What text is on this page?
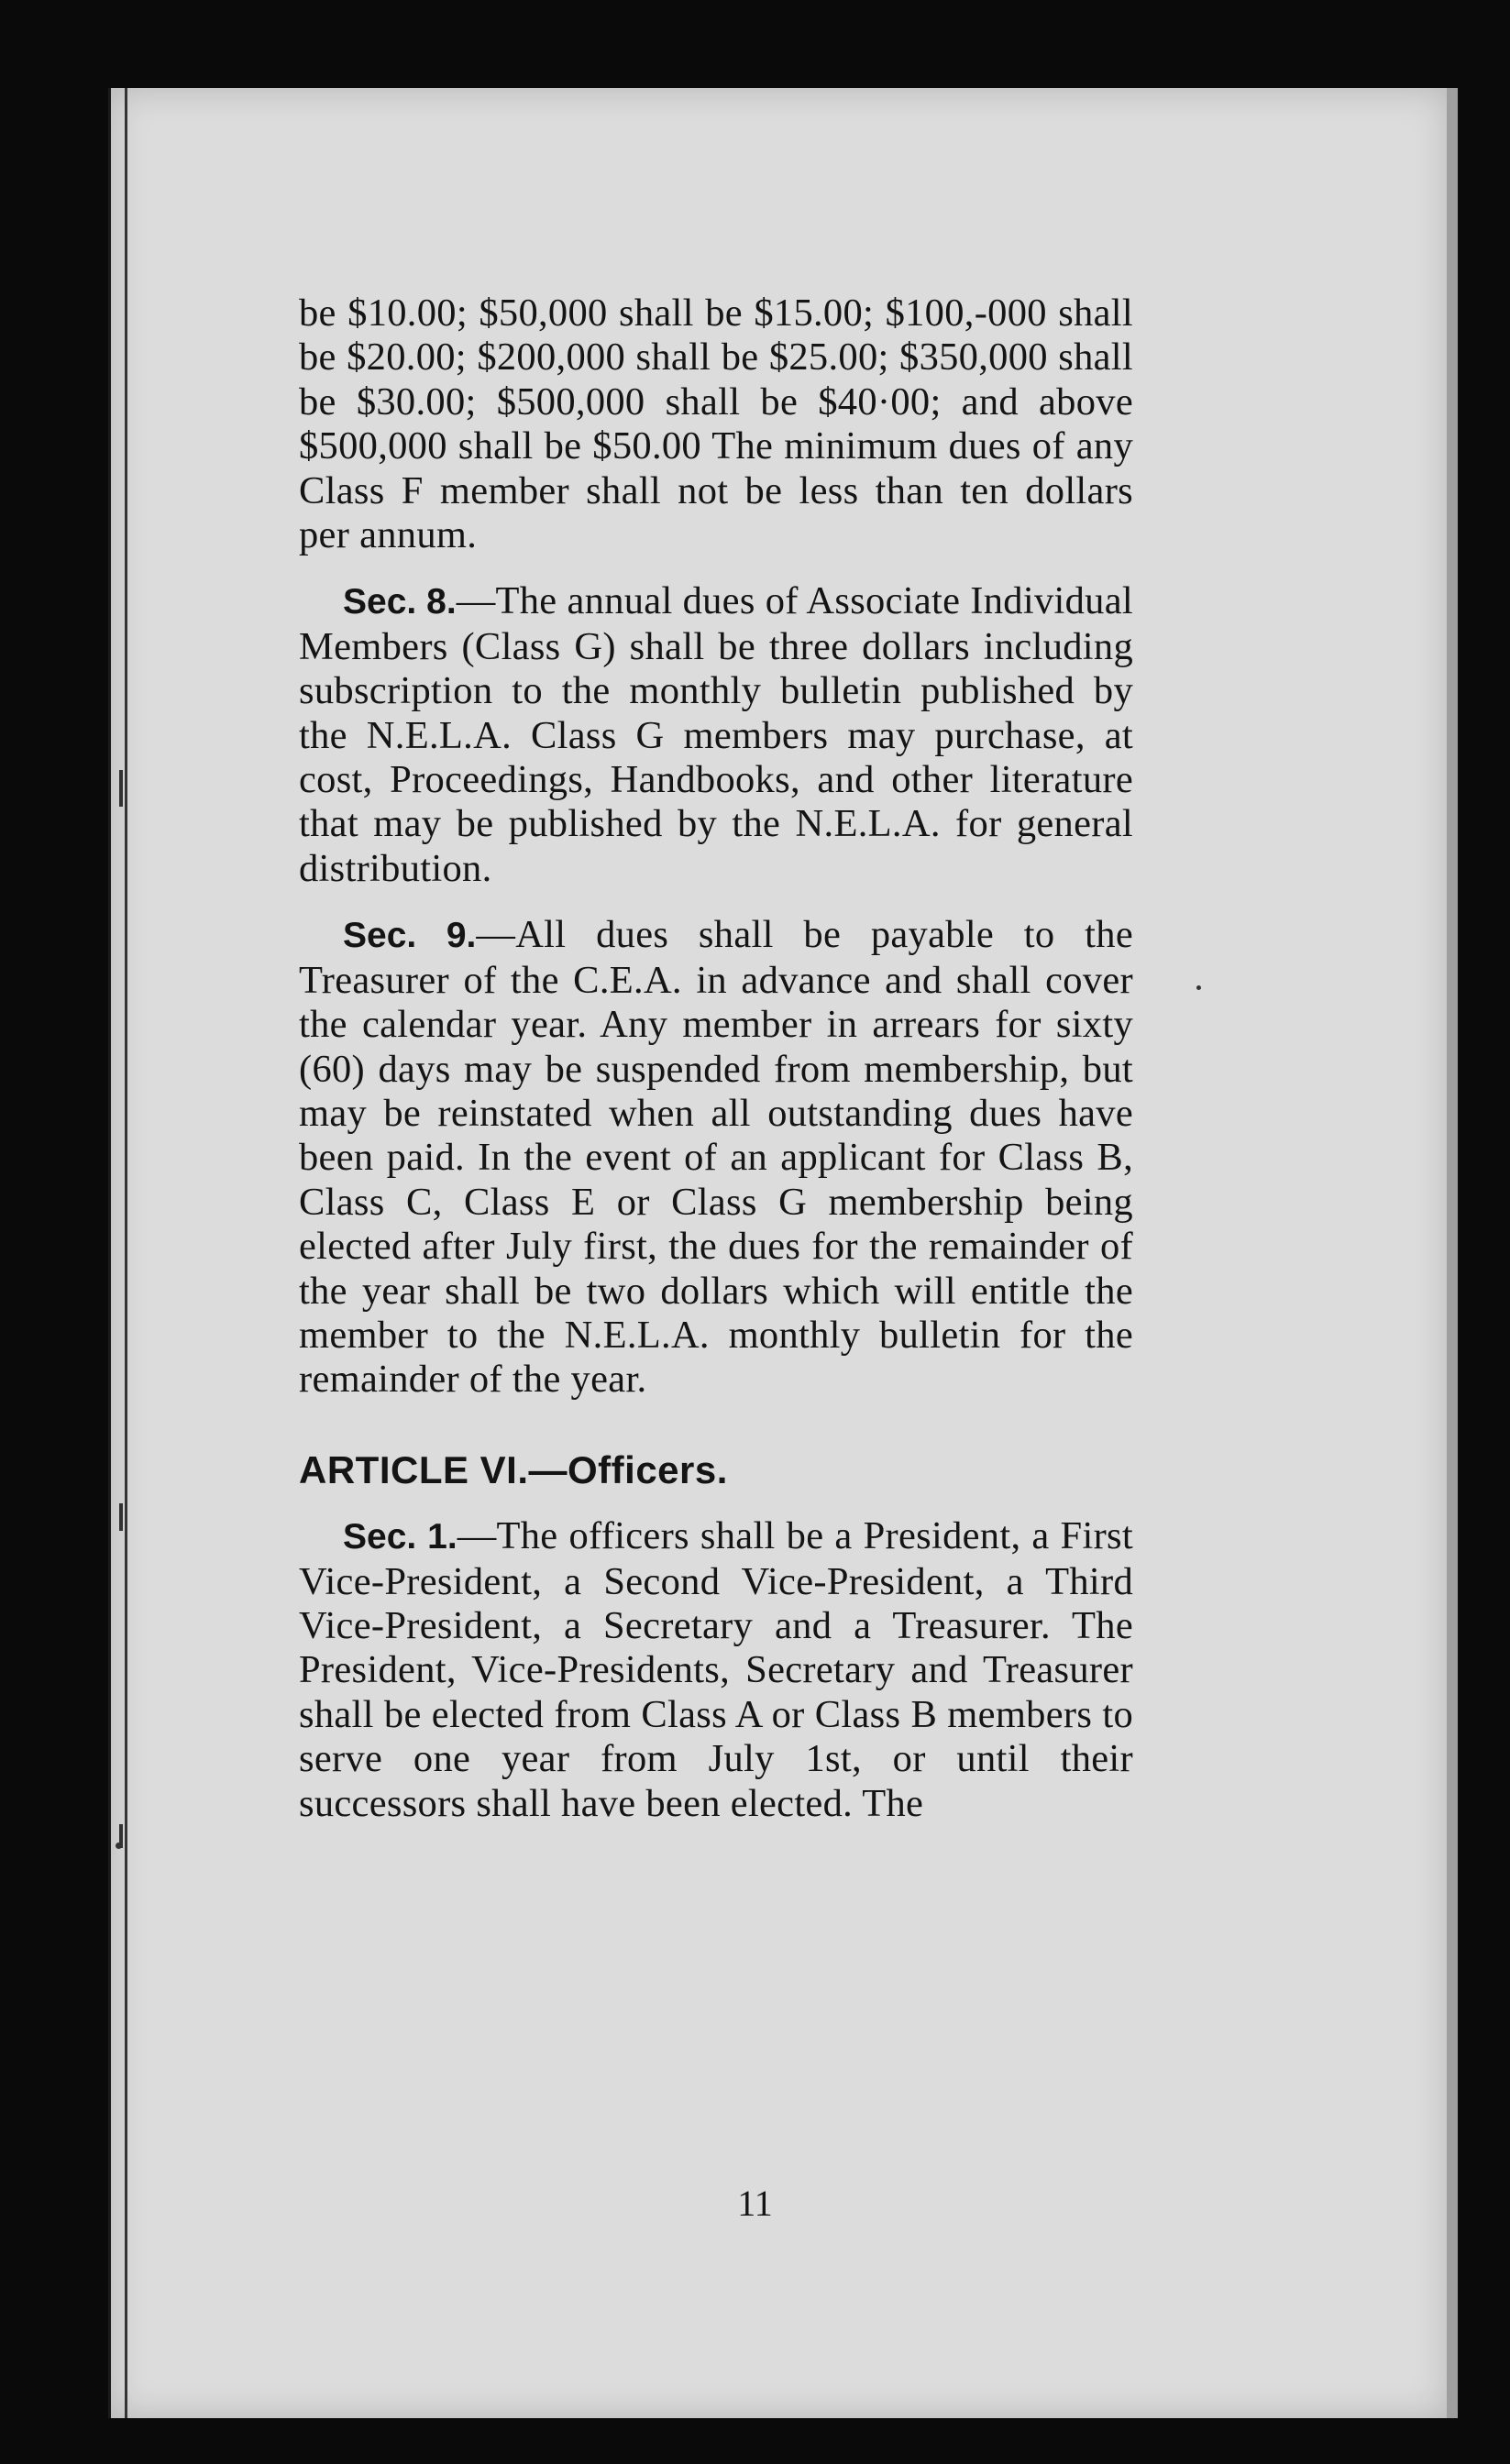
be $10.00; $50,000 shall be $15.00; $100,-000 shall be $20.00; $200,000 shall be $25.00; $350,000 shall be $30.00; $500,000 shall be $40·00; and above $500,000 shall be $50.00 The minimum dues of any Class F member shall not be less than ten dollars per annum.

Sec. 8.—The annual dues of Associate Individual Members (Class G) shall be three dollars including subscription to the monthly bulletin published by the N.E.L.A. Class G members may purchase, at cost, Proceedings, Handbooks, and other literature that may be published by the N.E.L.A. for general distribution.

Sec. 9.—All dues shall be payable to the Treasurer of the C.E.A. in advance and shall cover the calendar year. Any member in arrears for sixty (60) days may be suspended from membership, but may be reinstated when all outstanding dues have been paid. In the event of an applicant for Class B, Class C, Class E or Class G membership being elected after July first, the dues for the remainder of the year shall be two dollars which will entitle the member to the N.E.L.A. monthly bulletin for the remainder of the year.

ARTICLE VI.—Officers.

Sec. 1.—The officers shall be a President, a First Vice-President, a Second Vice-President, a Third Vice-President, a Secretary and a Treasurer. The President, Vice-Presidents, Secretary and Treasurer shall be elected from Class A or Class B members to serve one year from July 1st, or until their successors shall have been elected. The

11
